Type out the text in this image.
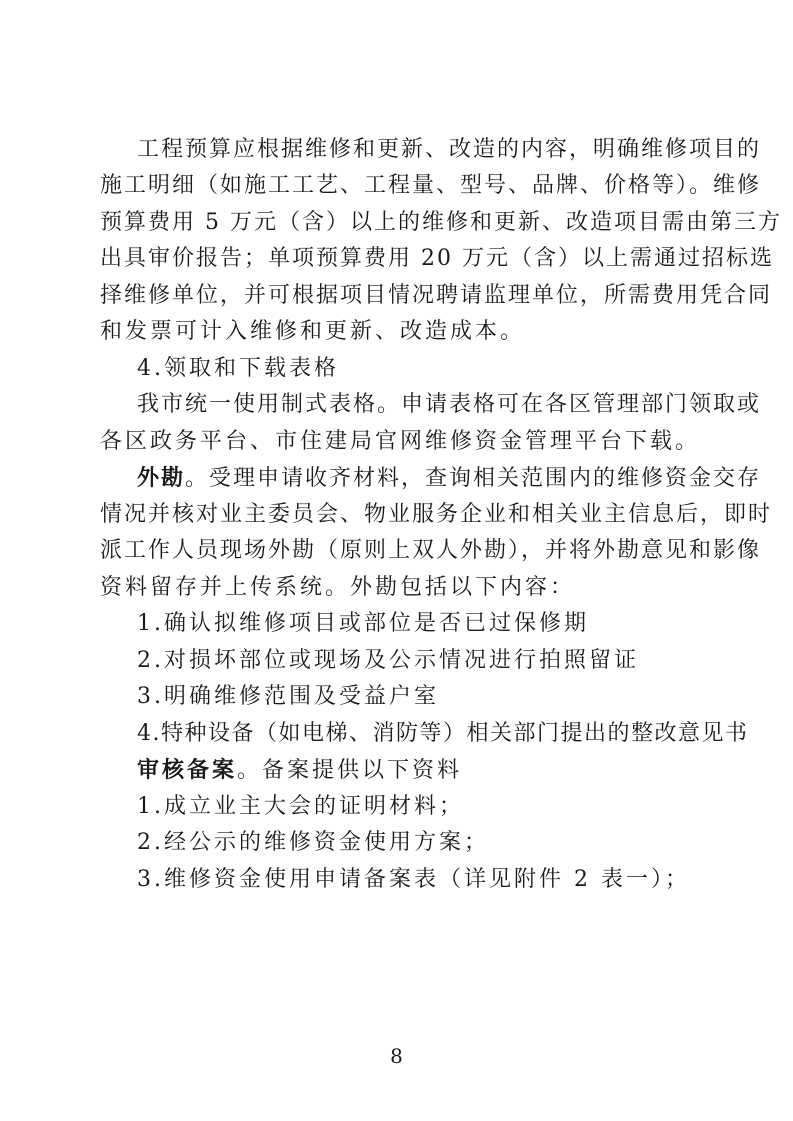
工程预算应根据维修和更新、改造的内容，明确维修项目的
施工明细（如施工工艺、工程量、型号、品牌、价格等）。维修
预算费用 5 万元（含）以上的维修和更新、改造项目需由第三方
出具审价报告；单项预算费用 20 万元（含）以上需通过招标选
择维修单位，并可根据项目情况聘请监理单位，所需费用凭合同
和发票可计入维修和更新、改造成本。
4.领取和下载表格
我市统一使用制式表格。申请表格可在各区管理部门领取或
各区政务平台、市住建局官网维修资金管理平台下载。
外勘。受理申请收齐材料，查询相关范围内的维修资金交存
情况并核对业主委员会、物业服务企业和相关业主信息后，即时
派工作人员现场外勘（原则上双人外勘），并将外勘意见和影像
资料留存并上传系统。外勘包括以下内容：
1.确认拟维修项目或部位是否已过保修期
2.对损坏部位或现场及公示情况进行拍照留证
3.明确维修范围及受益户室
4.特种设备（如电梯、消防等）相关部门提出的整改意见书
审核备案。备案提供以下资料
1.成立业主大会的证明材料；
2.经公示的维修资金使用方案；
3.维修资金使用申请备案表（详见附件 2 表一）；
8
